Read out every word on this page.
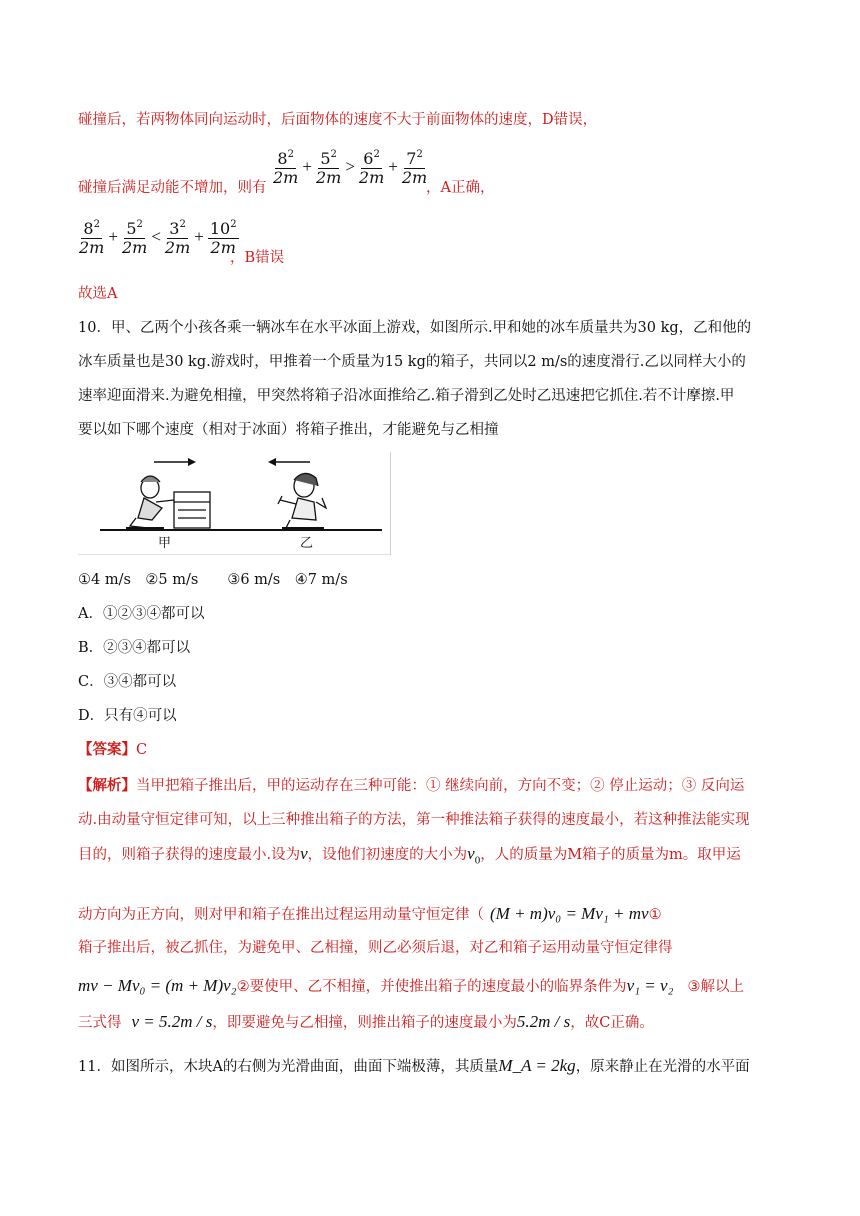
碰撞后，若两物体同向运动时，后面物体的速度不大于前面物体的速度，D错误，
$\frac{8^2}{2m} + \frac{5^2}{2m} > \frac{6^2}{2m} + \frac{7^2}{2m}$
碰撞后满足动能不增加，则有	，A正确，
$\frac{8^2}{2m} + \frac{5^2}{2m} < \frac{3^2}{2m} + \frac{10^2}{2m}$
，B错误
故选A
10．甲、乙两个小孩各乘一辆冰车在水平冰面上游戏，如图所示.甲和她的冰车质量共为30 kg，乙和他的
冰车质量也是30 kg.游戏时，甲推着一个质量为15 kg的箱子，共同以2 m/s的速度滑行.乙以同样大小的
速率迎面滑来.为避免相撞，甲突然将箱子沿冰面推给乙.箱子滑到乙处时乙迅速把它抓住.若不计摩擦.甲
要以如下哪个速度（相对于冰面）将箱子推出，才能避免与乙相撞
甲	乙
①4 m/s　②5 m/s　　③6 m/s　④7 m/s
A．①②③④都可以
B．②③④都可以
C．③④都可以
D．只有④可以
【答案】C
【解析】当甲把箱子推出后，甲的运动存在三种可能：① 继续向前，方向不变；② 停止运动；③ 反向运
动.由动量守恒定律可知，以上三种推出箱子的方法，第一种推法箱子获得的速度最小，若这种推法能实现
目的，则箱子获得的速度最小.设为v，设他们初速度的大小为$v_0$，人的质量为M箱子的质量为m。取甲运
动方向为正方向，则对甲和箱子在推出过程运用动量守恒定律（ (M + m)v₀ = Mv₁ + mv①
箱子推出后，被乙抓住，为避免甲、乙相撞，则乙必须后退，对乙和箱子运用动量守恒定律得
mv − Mv₀ = (m + M)v₂②要使甲、乙不相撞，并使推出箱子的速度最小的临界条件为v₁ = v₂ ③解以上
三式得 v = 5.2m / s，即要避免与乙相撞，则推出箱子的速度最小为5.2m / s，故C正确。
11．如图所示，木块A的右侧为光滑曲面，曲面下端极薄，其质量M_A = 2kg，原来静止在光滑的水平面
